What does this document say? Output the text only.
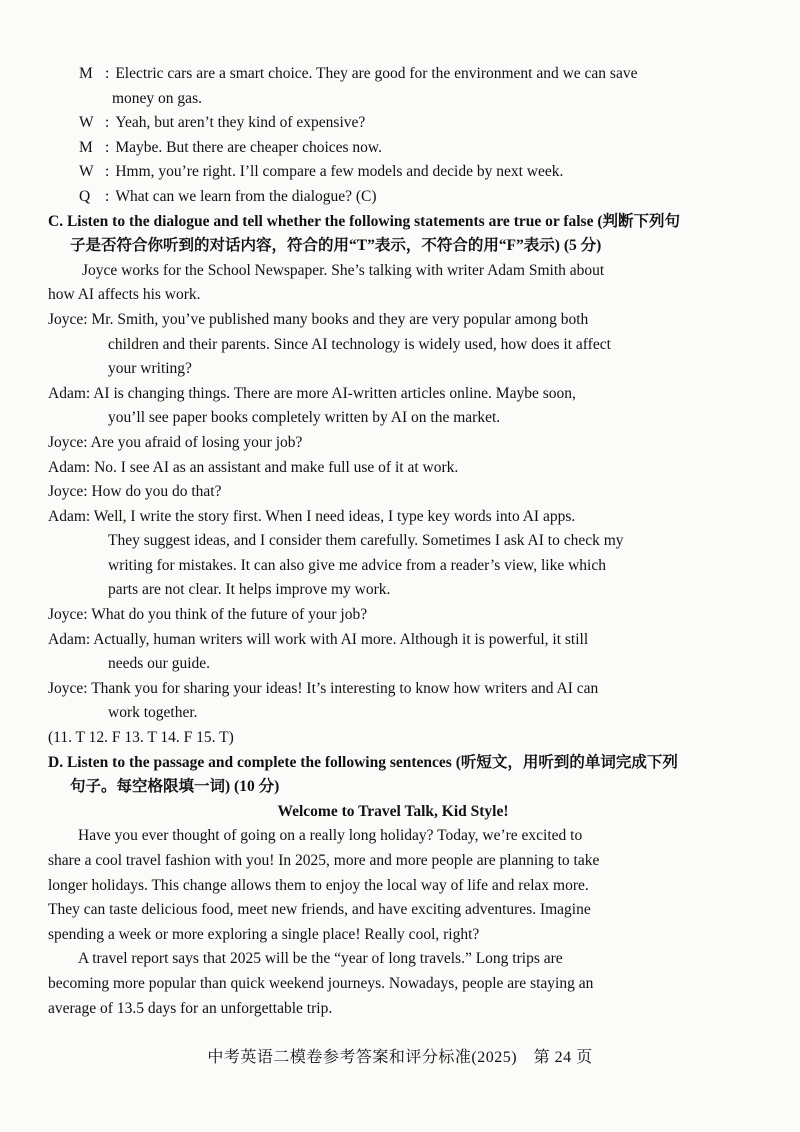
M : Electric cars are a smart choice. They are good for the environment and we can save
money on gas.
W : Yeah, but aren’t they kind of expensive?
M : Maybe. But there are cheaper choices now.
W : Hmm, you’re right. I’ll compare a few models and decide by next week.
Q : What can we learn from the dialogue? (C)
C. Listen to the dialogue and tell whether the following statements are true or false (判断下列句
子是否符合你听到的对话内容，符合的用“T”表示，不符合的用“F”表示) (5 分)
Joyce works for the School Newspaper. She’s talking with writer Adam Smith about
how AI affects his work.
Joyce: Mr. Smith, you’ve published many books and they are very popular among both
children and their parents. Since AI technology is widely used, how does it affect
your writing?
Adam: AI is changing things. There are more AI-written articles online. Maybe soon,
you’ll see paper books completely written by AI on the market.
Joyce: Are you afraid of losing your job?
Adam: No. I see AI as an assistant and make full use of it at work.
Joyce: How do you do that?
Adam: Well, I write the story first. When I need ideas, I type key words into AI apps.
They suggest ideas, and I consider them carefully. Sometimes I ask AI to check my
writing for mistakes. It can also give me advice from a reader’s view, like which
parts are not clear. It helps improve my work.
Joyce: What do you think of the future of your job?
Adam: Actually, human writers will work with AI more. Although it is powerful, it still
needs our guide.
Joyce: Thank you for sharing your ideas! It’s interesting to know how writers and AI can
work together.
(11. T 12. F 13. T 14. F 15. T)
D. Listen to the passage and complete the following sentences (听短文，用听到的单词完成下列
句子。每空格限填一词) (10 分)
Welcome to Travel Talk, Kid Style!
Have you ever thought of going on a really long holiday? Today, we’re excited to
share a cool travel fashion with you! In 2025, more and more people are planning to take
longer holidays. This change allows them to enjoy the local way of life and relax more.
They can taste delicious food, meet new friends, and have exciting adventures. Imagine
spending a week or more exploring a single place! Really cool, right?
A travel report says that 2025 will be the “year of long travels.” Long trips are
becoming more popular than quick weekend journeys. Nowadays, people are staying an
average of 13.5 days for an unforgettable trip.
中考英语二模卷参考答案和评分标准(2025)　第 24 页
